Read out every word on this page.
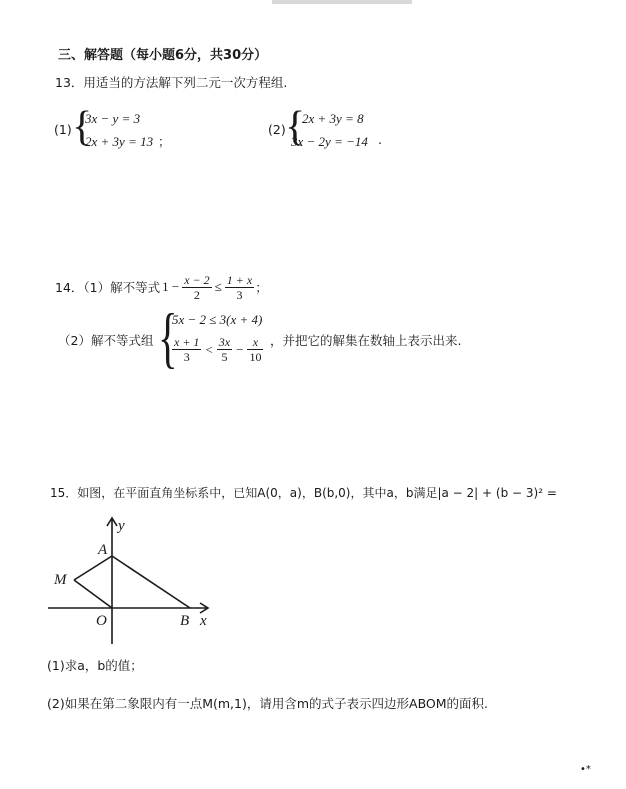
三、解答题（每小题6分，共30分）
13．用适当的方法解下列二元一次方程组.
(1) {
3x − y = 3
2x + 3y = 13 ；
(2) {
2x + 3y = 8
3x − 2y = −14 .
14．（1）解不等式 $1 - \frac{x - 2}{2} \le \frac{1 + x}{3}$ ；
（2）解不等式组 {
5x − 2 ≤ 3(x + 4)
$\frac{x + 1}{3} < \frac{3x}{5} - \frac{x}{10}$ ，并把它的解集在数轴上表示出来.
15．如图，在平面直角坐标系中，已知A(0，a)，B(b,0)，其中a，b满足|a − 2| + (b − 3)² =
y
x
A
M
O	B
(1)求a，b的值；
(2)如果在第二象限内有一点M(m,1)，请用含m的式子表示四边形ABOM的面积.
•*
